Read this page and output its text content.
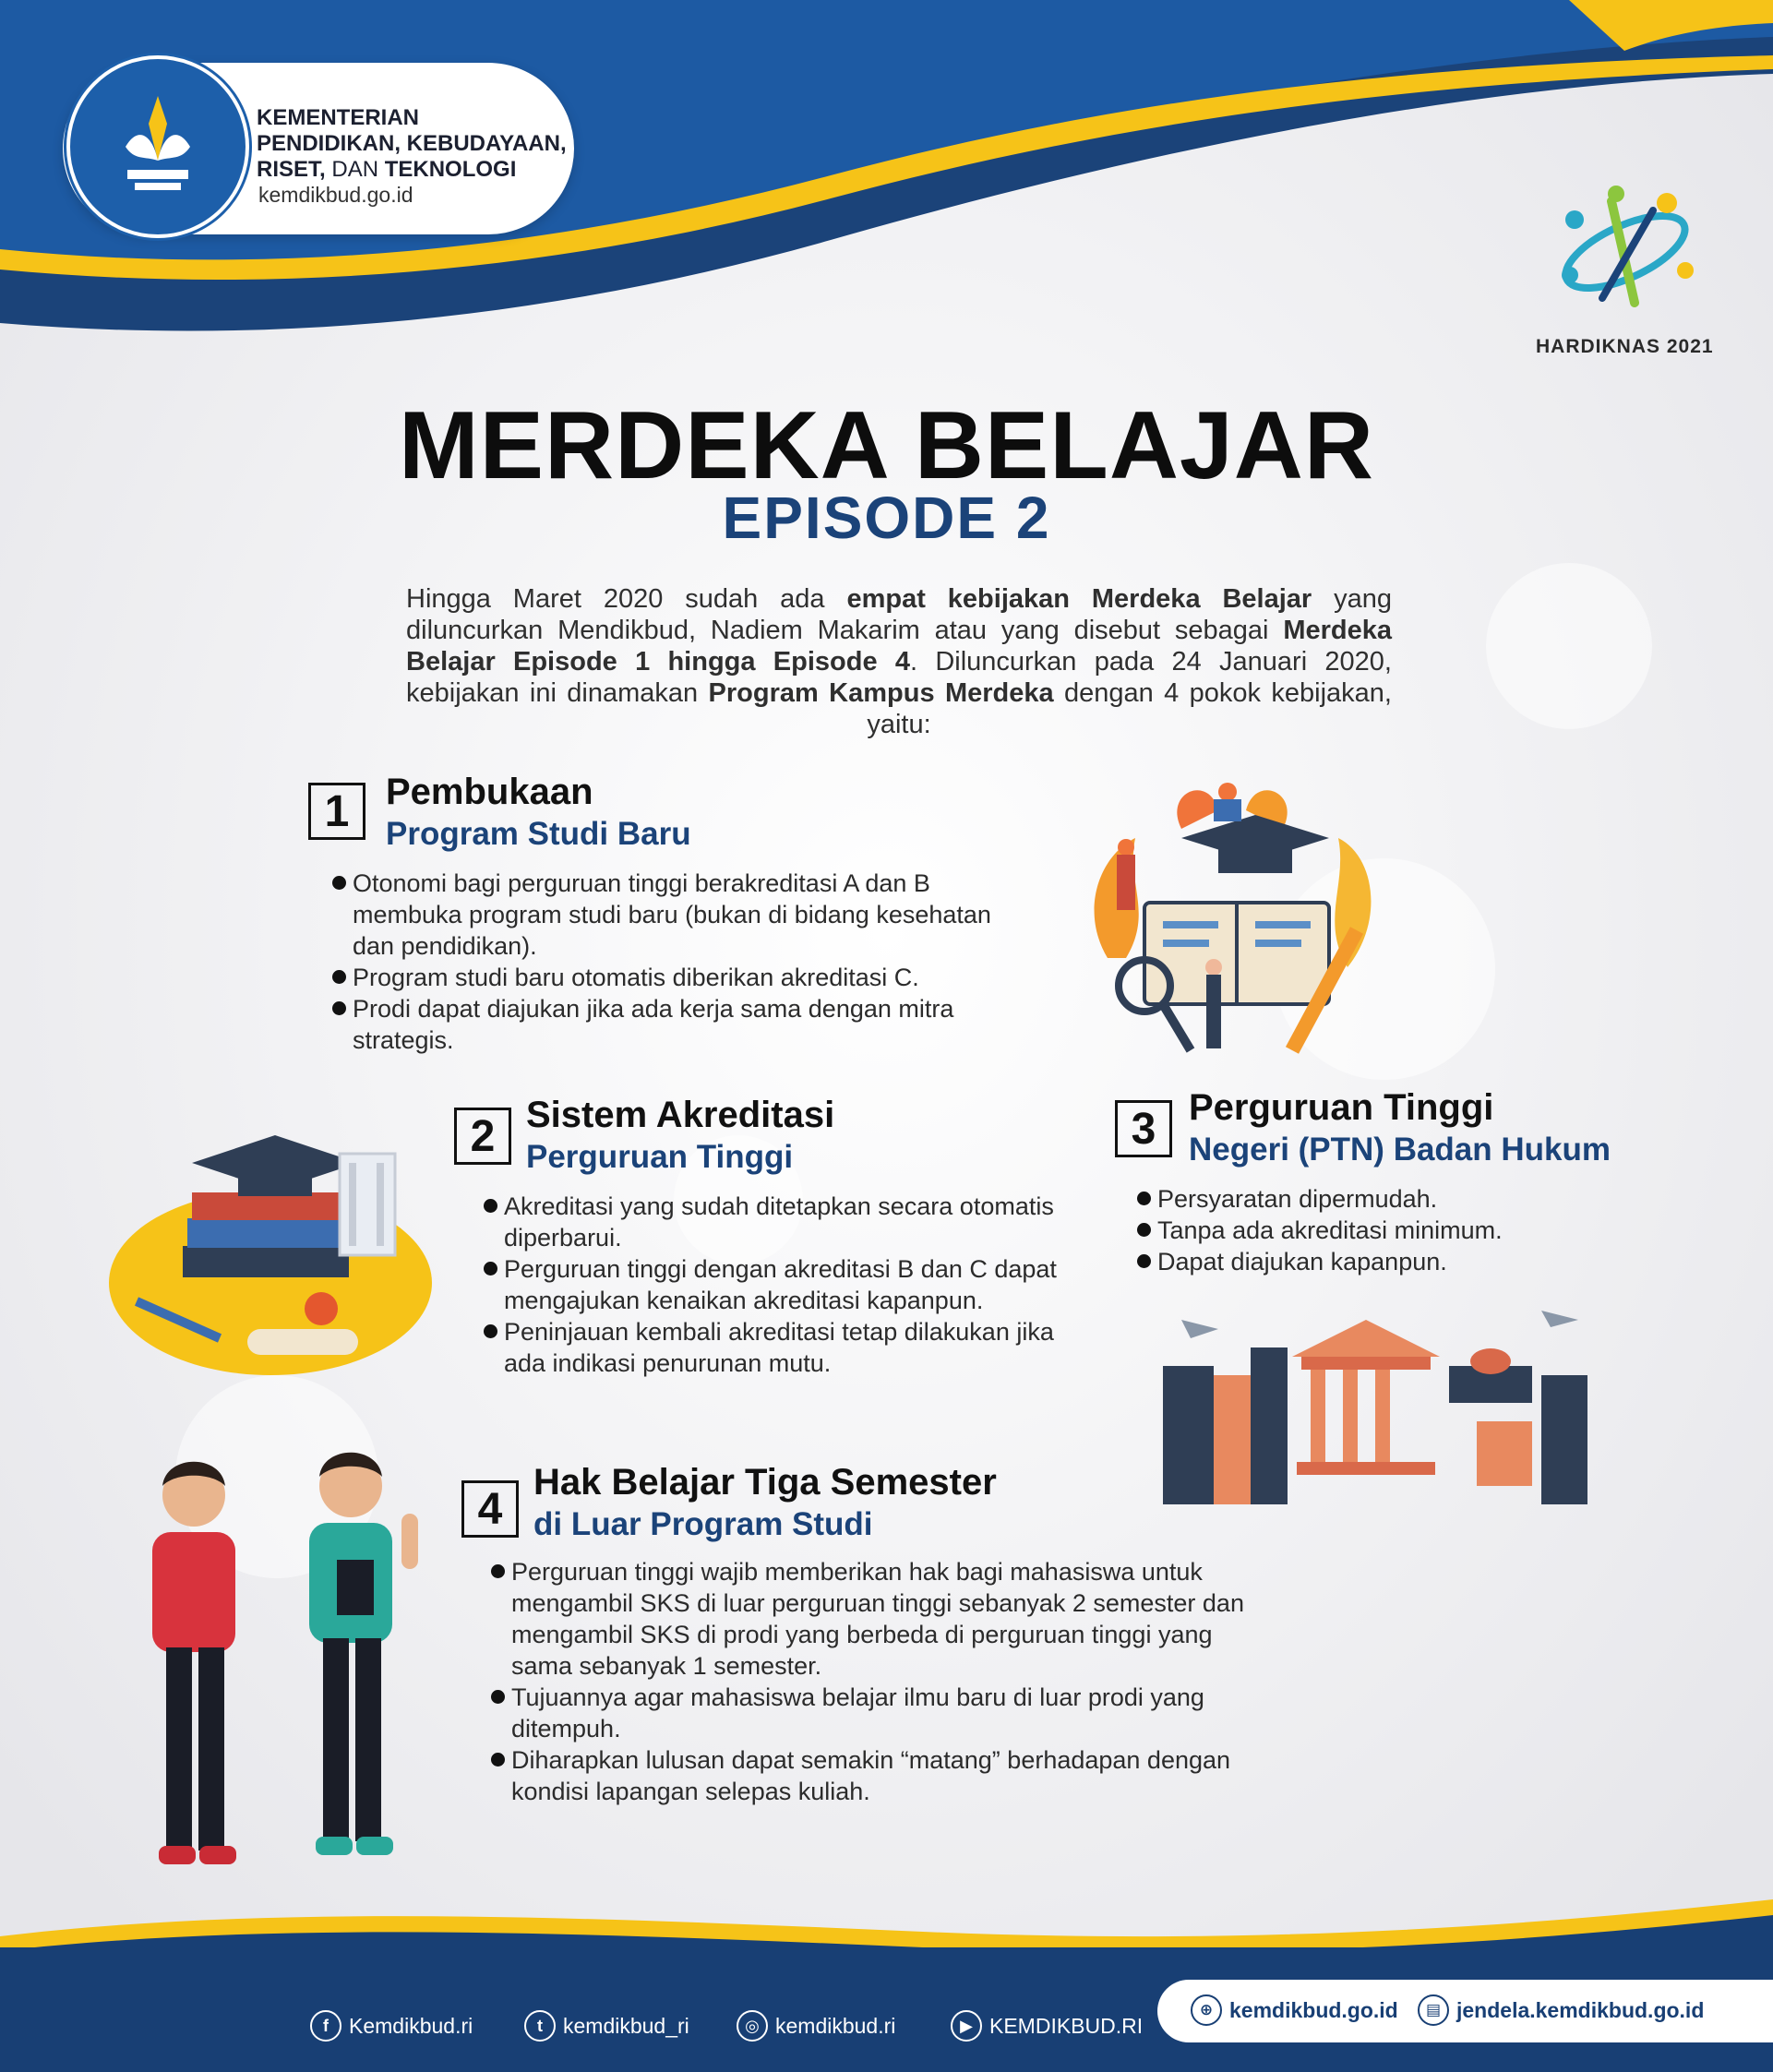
KEMENTERIAN
PENDIDIKAN, KEBUDAYAAN,
RISET, DAN TEKNOLOGI
kemdikbud.go.id
HARDIKNAS 2021
MERDEKA BELAJAR
EPISODE 2

Hingga Maret 2020 sudah ada empat kebijakan Merdeka Belajar yang diluncurkan Mendikbud, Nadiem Makarim atau yang disebut sebagai Merdeka Belajar Episode 1 hingga Episode 4. Diluncurkan pada 24 Januari 2020, kebijakan ini dinamakan Program Kampus Merdeka dengan 4 pokok kebijakan, yaitu:

1 Pembukaan
Program Studi Baru
Otonomi bagi perguruan tinggi berakreditasi A dan B membuka program studi baru (bukan di bidang kesehatan dan pendidikan).
Program studi baru otomatis diberikan akreditasi C.
Prodi dapat diajukan jika ada kerja sama dengan mitra strategis.
2 Sistem Akreditasi
Perguruan Tinggi
Akreditasi yang sudah ditetapkan secara otomatis diperbarui.
Perguruan tinggi dengan akreditasi B dan C dapat mengajukan kenaikan akreditasi kapanpun.
Peninjauan kembali akreditasi tetap dilakukan jika ada indikasi penurunan mutu.
3 Perguruan Tinggi
Negeri (PTN) Badan Hukum
Persyaratan dipermudah.
Tanpa ada akreditasi minimum.
Dapat diajukan kapanpun.
4
Hak Belajar Tiga Semester
di Luar Program Studi
Perguruan tinggi wajib memberikan hak bagi mahasiswa untuk mengambil SKS di luar perguruan tinggi sebanyak 2 semester dan mengambil SKS di prodi yang berbeda di perguruan tinggi yang sama sebanyak 1 semester.
Tujuannya agar mahasiswa belajar ilmu baru di luar prodi yang ditempuh.
Diharapkan lulusan dapat semakin “matang” berhadapan dengan kondisi lapangan selepas kuliah.
f Kemdikbud.ri	t kemdikbud_ri	◎ kemdikbud.ri	▶ KEMDIKBUD.RI
⊕ kemdikbud.go.id	▤ jendela.kemdikbud.go.id
